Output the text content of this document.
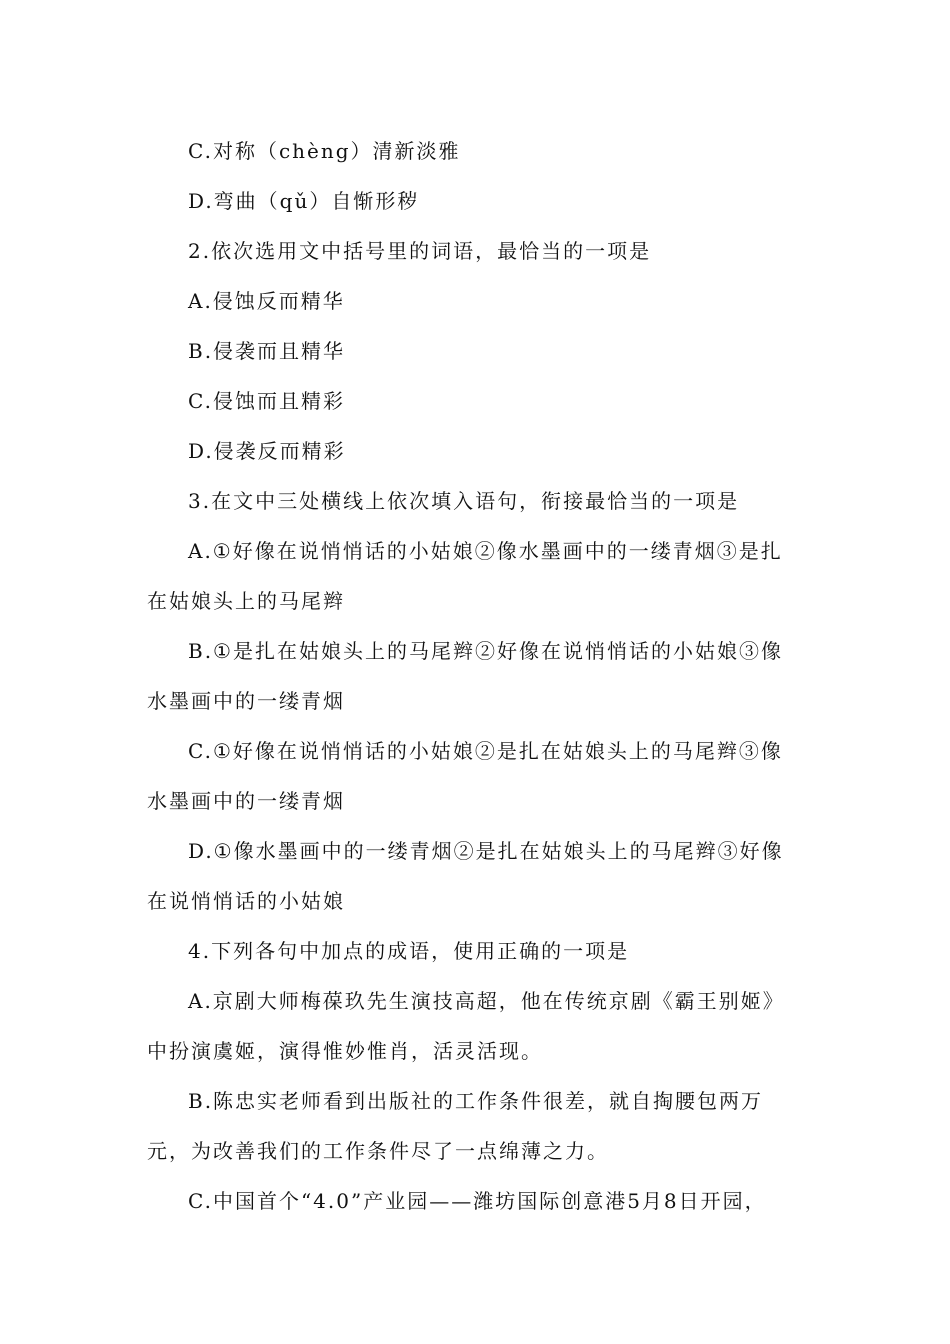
C.对称（chèng）清新淡雅

D.弯曲（qǔ）自惭形秽

2.依次选用文中括号里的词语，最恰当的一项是

A.侵蚀反而精华

B.侵袭而且精华

C.侵蚀而且精彩

D.侵袭反而精彩

3.在文中三处横线上依次填入语句，衔接最恰当的一项是

A.①好像在说悄悄话的小姑娘②像水墨画中的一缕青烟③是扎

在姑娘头上的马尾辫

B.①是扎在姑娘头上的马尾辫②好像在说悄悄话的小姑娘③像

水墨画中的一缕青烟

C.①好像在说悄悄话的小姑娘②是扎在姑娘头上的马尾辫③像

水墨画中的一缕青烟

D.①像水墨画中的一缕青烟②是扎在姑娘头上的马尾辫③好像

在说悄悄话的小姑娘

4.下列各句中加点的成语，使用正确的一项是

A.京剧大师梅葆玖先生演技高超，他在传统京剧《霸王别姬》

中扮演虞姬，演得惟妙惟肖，活灵活现。

B.陈忠实老师看到出版社的工作条件很差，就自掏腰包两万

元，为改善我们的工作条件尽了一点绵薄之力。

C.中国首个“4.0”产业园——潍坊国际创意港5月8日开园，
